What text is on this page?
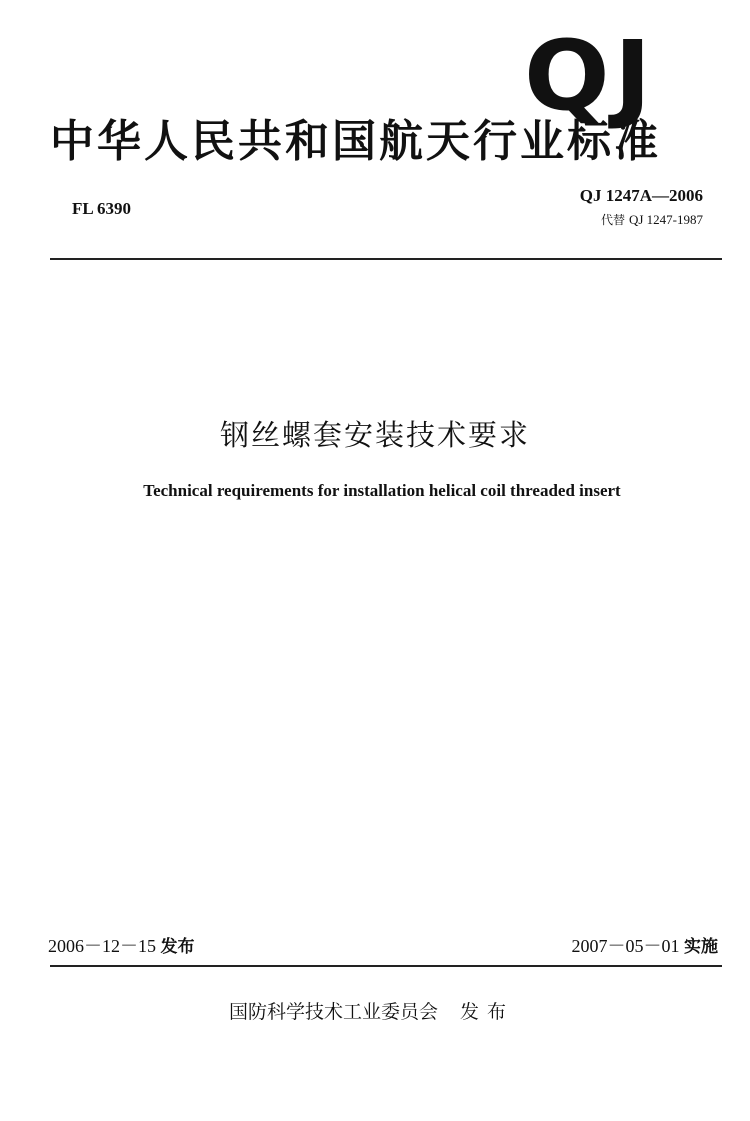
QJ
中华人民共和国航天行业标准
FL 6390
QJ 1247A—2006
代替 QJ 1247-1987
钢丝螺套安装技术要求
Technical requirements for installation helical coil threaded insert
2006－12－15 发布	2007－05－01 实施
国防科学技术工业委员会 发布
